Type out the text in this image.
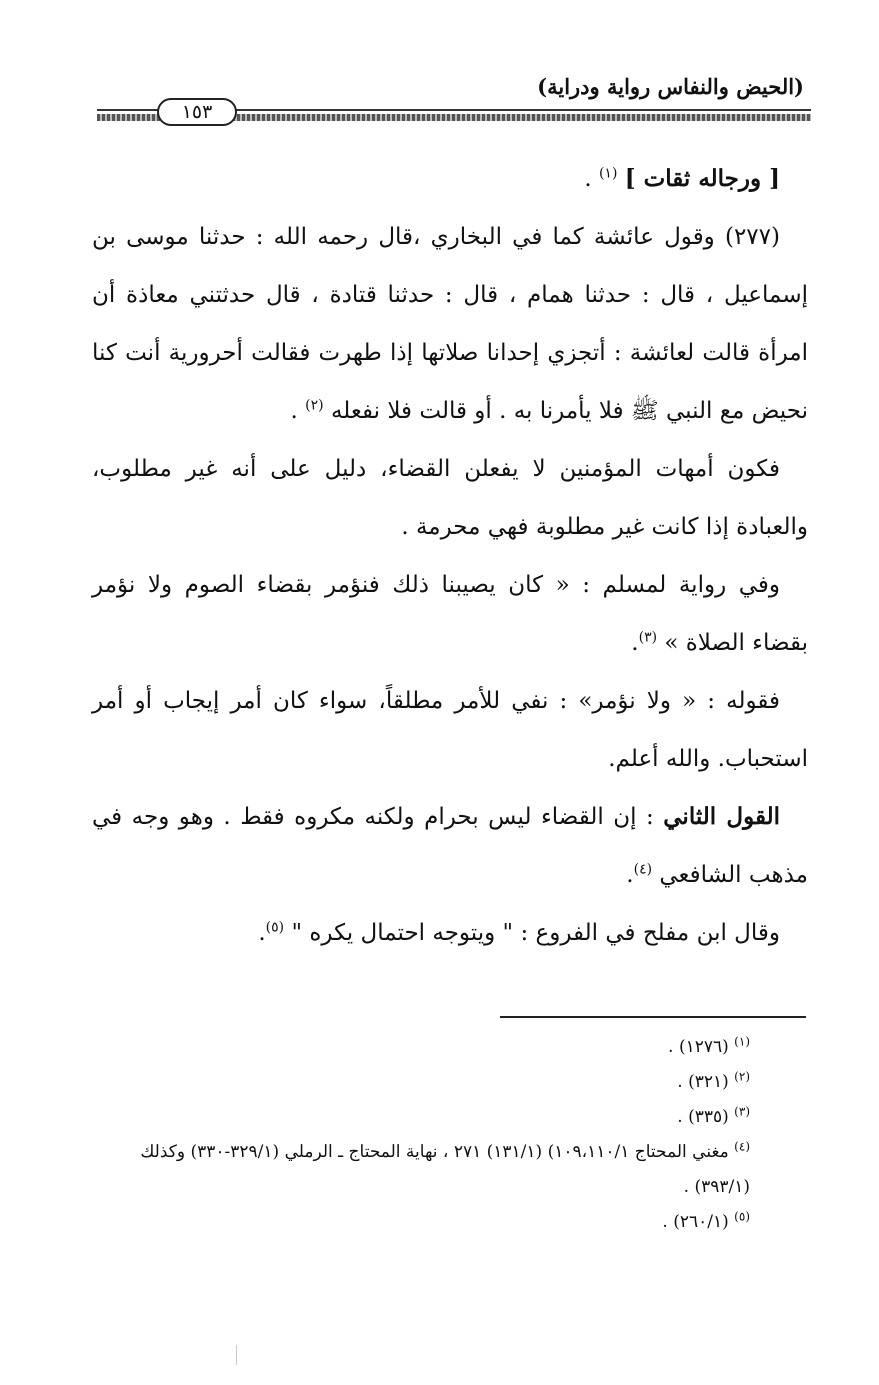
(الحيض والنفاس رواية ودراية)
١٥٣

[ ورجاله ثقات ] $^{(١)}$ .

(٢٧٧) وقول عائشة كما في البخاري ،قال رحمه الله : حدثنا موسى بن إسماعيل ، قال : حدثنا همام ، قال : حدثنا قتادة ، قال حدثتني معاذة أن امرأة قالت لعائشة : أتجزي إحدانا صلاتها إذا طهرت فقالت أحرورية أنت كنا نحيض مع النبي ﷺ فلا يأمرنا به . أو قالت فلا نفعله $^{(٢)}$ .

فكون أمهات المؤمنين لا يفعلن القضاء، دليل على أنه غير مطلوب، والعبادة إذا كانت غير مطلوبة فهي محرمة .

وفي رواية لمسلم : « كان يصيبنا ذلك فنؤمر بقضاء الصوم ولا نؤمر بقضاء الصلاة » $^{(٣)}$.

فقوله : « ولا نؤمر» : نفي للأمر مطلقاً، سواء كان أمر إيجاب أو أمر استحباب. والله أعلم.

القول الثاني : إن القضاء ليس بحرام ولكنه مكروه فقط . وهو وجه في مذهب الشافعي $^{(٤)}$.

وقال ابن مفلح في الفروع : " ويتوجه احتمال يكره " $^{(٥)}$.

$^{(١)}$ (١٢٧٦) .

$^{(٢)}$ (٣٢١) .

$^{(٣)}$ (٣٣٥) .

$^{(٤)}$ مغني المحتاج ١٠٩،١١٠/١) (١٣١/١) ٢٧١ ، نهاية المحتاج ـ الرملي (٣٢٩/١-٣٣٠) وكذلك (٣٩٣/١) .

$^{(٥)}$ (٢٦٠/١) .
